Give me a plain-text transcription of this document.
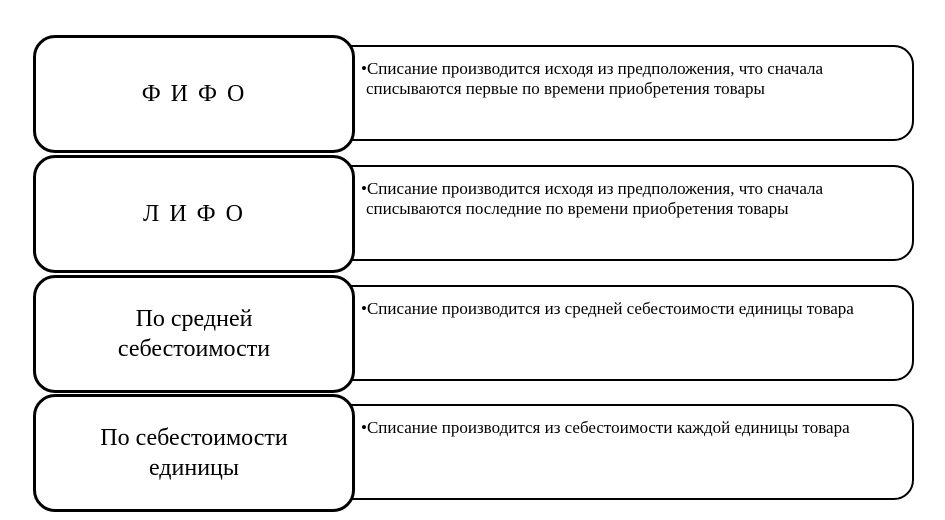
•Списание производится исходя из предположения, что сначала списываются первые по времени приобретения товары

Ф И Ф О

•Списание производится исходя из предположения, что сначала списываются последние по времени приобретения товары

Л И Ф О

•Списание производится из средней себестоимости единицы товара

По средней себестоимости

•Списание производится из себестоимости каждой единицы товара

По себестоимости единицы
